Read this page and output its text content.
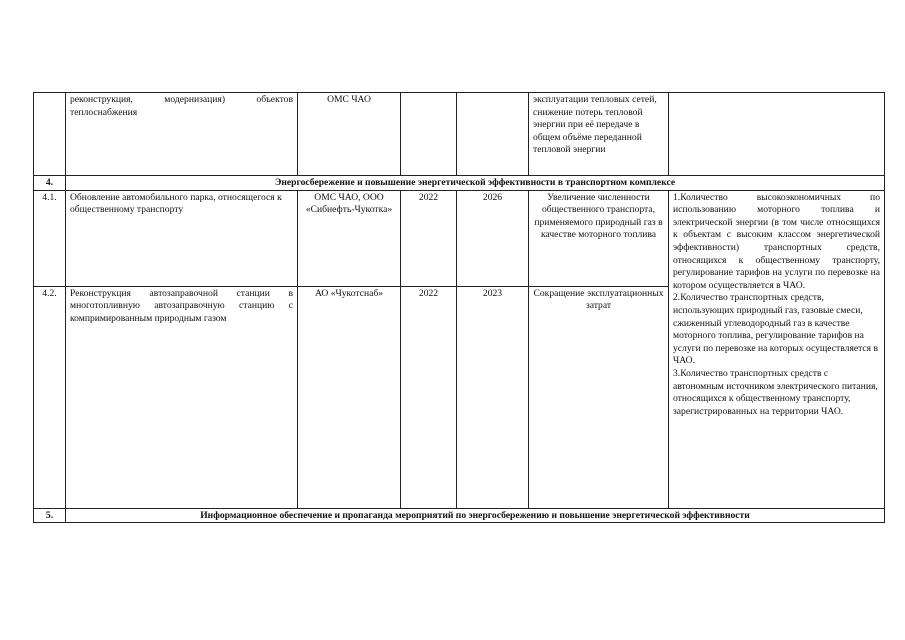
	реконструкция, модернизация) объектов теплоснабжения	ОМС ЧАО			эксплуатации тепловых сетей, снижение потерь тепловой энергии при её передаче в общем объёме переданной тепловой энергии	
4.	Энергосбережение и повышение энергетической эффективности в транспортном комплексе					
4.1.	Обновление автомобильного парка, относящегося к общественному транспорту	ОМС ЧАО, ООО «Сибнефть-Чукотка»	2022	2026	Увеличение численности общественного транспорта, применяемого природный газ в качестве моторного топлива	1.Количество высокоэкономичных по использованию моторного топлива и электрической энергии (в том числе относящихся к объектам с высоким классом энергетической эффективности) транспортных средств, относящихся к общественному транспорту, регулирование тарифов на услуги по перевозке на котором осуществляется в ЧАО.
2.Количество транспортных средств, использующих природный газ, газовые смеси, сжиженный углеводородный газ в качестве моторного топлива, регулирование тарифов на услуги по перевозке на которых осуществляется в ЧАО.
3.Количество транспортных средств с автономным источником электрического питания, относящихся к общественному транспорту, зарегистрированных на территории ЧАО.

4.2.	Реконструкция автозаправочной станции в многотопливную автозаправочную станцию с компримированным природным газом	АО «Чукотснаб»	2022	2023	Сокращение эксплуатационных затрат	
5.	Информационное обеспечение и пропаганда мероприятий по энергосбережению и повышение энергетической эффективности					
